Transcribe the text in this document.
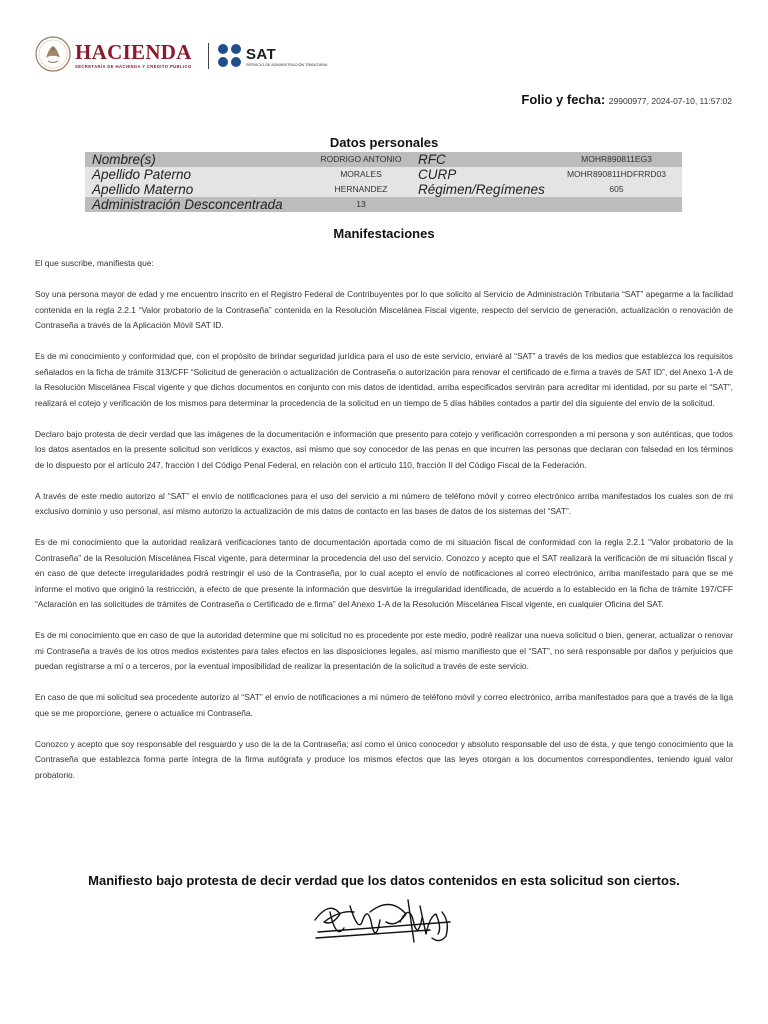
HACIENDA
SECRETARÍA DE HACIENDA Y CRÉDITO PÚBLICO
SAT
SERVICIO DE ADMINISTRACIÓN TRIBUTARIA
Folio y fecha: 29900977, 2024-07-10, 11:57:02
Datos personales
Nombre(s)	RODRIGO ANTONIO	RFC	MOHR890811EG3
Apellido Paterno	MORALES	CURP	MOHR890811HDFRRD03
Apellido Materno	HERNANDEZ	Régimen/Regímenes	605
Administración Desconcentrada	13		
Manifestaciones

El que suscribe, manifiesta que:

Soy una persona mayor de edad y me encuentro inscrito en el Registro Federal de Contribuyentes por lo que solicito al Servicio de Administración Tributaria “SAT” apegarme a la facilidad contenida en la regla 2.2.1 “Valor probatorio de la Contraseña” contenida en la Resolución Miscelánea Fiscal vigente, respecto del servicio de generación, actualización o renovación de Contraseña a través de la Aplicación Móvil SAT ID.

Es de mi conocimiento y conformidad que, con el propósito de brindar seguridad jurídica para el uso de este servicio, enviaré al “SAT” a través de los medios que establezca los requisitos señalados en la ficha de trámite 313/CFF “Solicitud de generación o actualización de Contraseña o autorización para renovar el certificado de e.firma a través de SAT ID”, del Anexo 1-A de la Resolución Miscelánea Fiscal vigente y que dichos documentos en conjunto con mis datos de identidad, arriba especificados servirán para acreditar mi identidad, por su parte el “SAT”, realizará el cotejo y verificación de los mismos para determinar la procedencia de la solicitud en un tiempo de 5 días hábiles contados a partir del día siguiente del envío de la solicitud.

Declaro bajo protesta de decir verdad que las imágenes de la documentación e información que presento para cotejo y verificación corresponden a mi persona y son auténticas, que todos los datos asentados en la presente solicitud son verídicos y exactos, así mismo que soy conocedor de las penas en que incurren las personas que declaran con falsedad en los términos de lo dispuesto por el artículo 247, fracción I del Código Penal Federal, en relación con el artículo 110, fracción II del Código Fiscal de la Federación.

A través de este medio autorizo al “SAT” el envío de notificaciones para el uso del servicio a mi número de teléfono móvil y correo electrónico arriba manifestados los cuales son de mi exclusivo dominio y uso personal, así mismo autorizo la actualización de mis datos de contacto en las bases de datos de los sistemas del “SAT”.

Es de mi conocimiento que la autoridad realizará verificaciones tanto de documentación aportada como de mi situación fiscal de conformidad con la regla 2.2.1 “Valor probatorio de la Contraseña” de la Resolución Miscelánea Fiscal vigente, para determinar la procedencia del uso del servicio. Conozco y acepto que el SAT realizará la verificación de mi situación fiscal y en caso de que detecte irregularidades podrá restringir el uso de la Contraseña, por lo cual acepto el envío de notificaciones al correo electrónico, arriba manifestado para que se me informe el motivo que originó la restricción, a efecto de que presente la información que desvirtúe la irregularidad identificada, de acuerdo a lo establecido en la ficha de trámite 197/CFF “Aclaración en las solicitudes de trámites de Contraseña o Certificado de e.firma” del Anexo 1-A de la Resolución Miscelánea Fiscal vigente, en cualquier Oficina del SAT.

Es de mi conocimiento que en caso de que la autoridad determine que mi solicitud no es procedente por este medio, podré realizar una nueva solicitud o bien, generar, actualizar o renovar mi Contraseña a través de los otros medios existentes para tales efectos en las disposiciones legales, así mismo manifiesto que el “SAT”, no será responsable por daños y perjuicios que puedan registrarse a mí o a terceros, por la eventual imposibilidad de realizar la presentación de la solicitud a través de este servicio.

En caso de que mi solicitud sea procedente autorizo al “SAT” el envío de notificaciones a mi número de teléfono móvil y correo electrónico, arriba manifestados para que a través de la liga que se me proporcione, genere o actualice mi Contraseña.

Conozco y acepto que soy responsable del resguardo y uso de la de la Contraseña; así como el único conocedor y absoluto responsable del uso de ésta, y que tengo conocimiento que la Contraseña que establezca forma parte íntegra de la firma autógrafa y produce los mismos efectos que las leyes otorgan a los documentos correspondientes, teniendo igual valor probatorio.

Manifiesto bajo protesta de decir verdad que los datos contenidos en esta solicitud son ciertos.
